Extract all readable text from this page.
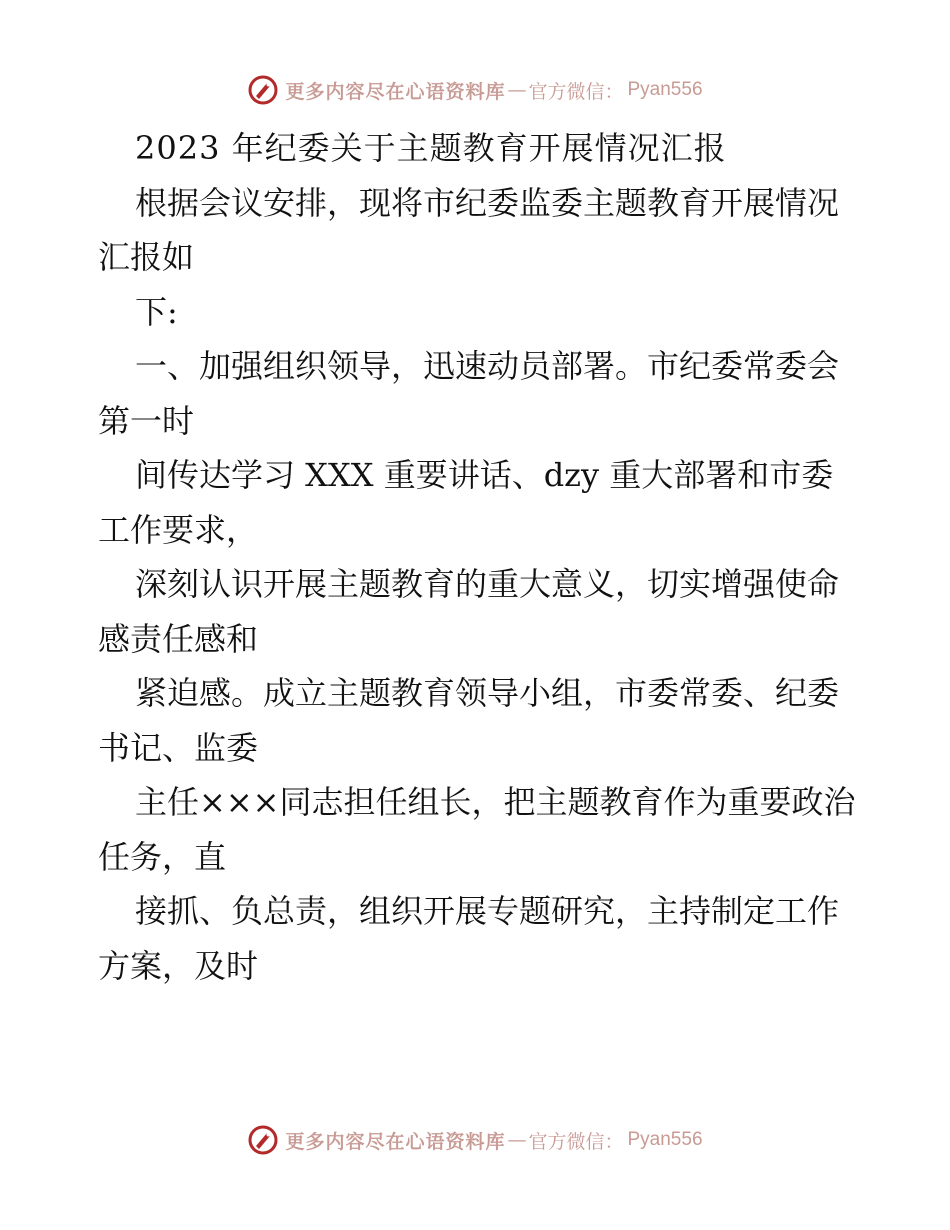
更多内容尽在心语资料库 — 官方微信： Pyan556

2023 年纪委关于主题教育开展情况汇报

根据会议安排，现将市纪委监委主题教育开展情况汇报如

下:

一、加强组织领导，迅速动员部署。市纪委常委会第一时

间传达学习 XXX 重要讲话、dzy 重大部署和市委工作要求，

深刻认识开展主题教育的重大意义，切实增强使命感责任感和

紧迫感。成立主题教育领导小组，市委常委、纪委书记、监委

主任×××同志担任组长，把主题教育作为重要政治任务，直

接抓、负总责，组织开展专题研究，主持制定工作方案，及时

更多内容尽在心语资料库 — 官方微信： Pyan556
